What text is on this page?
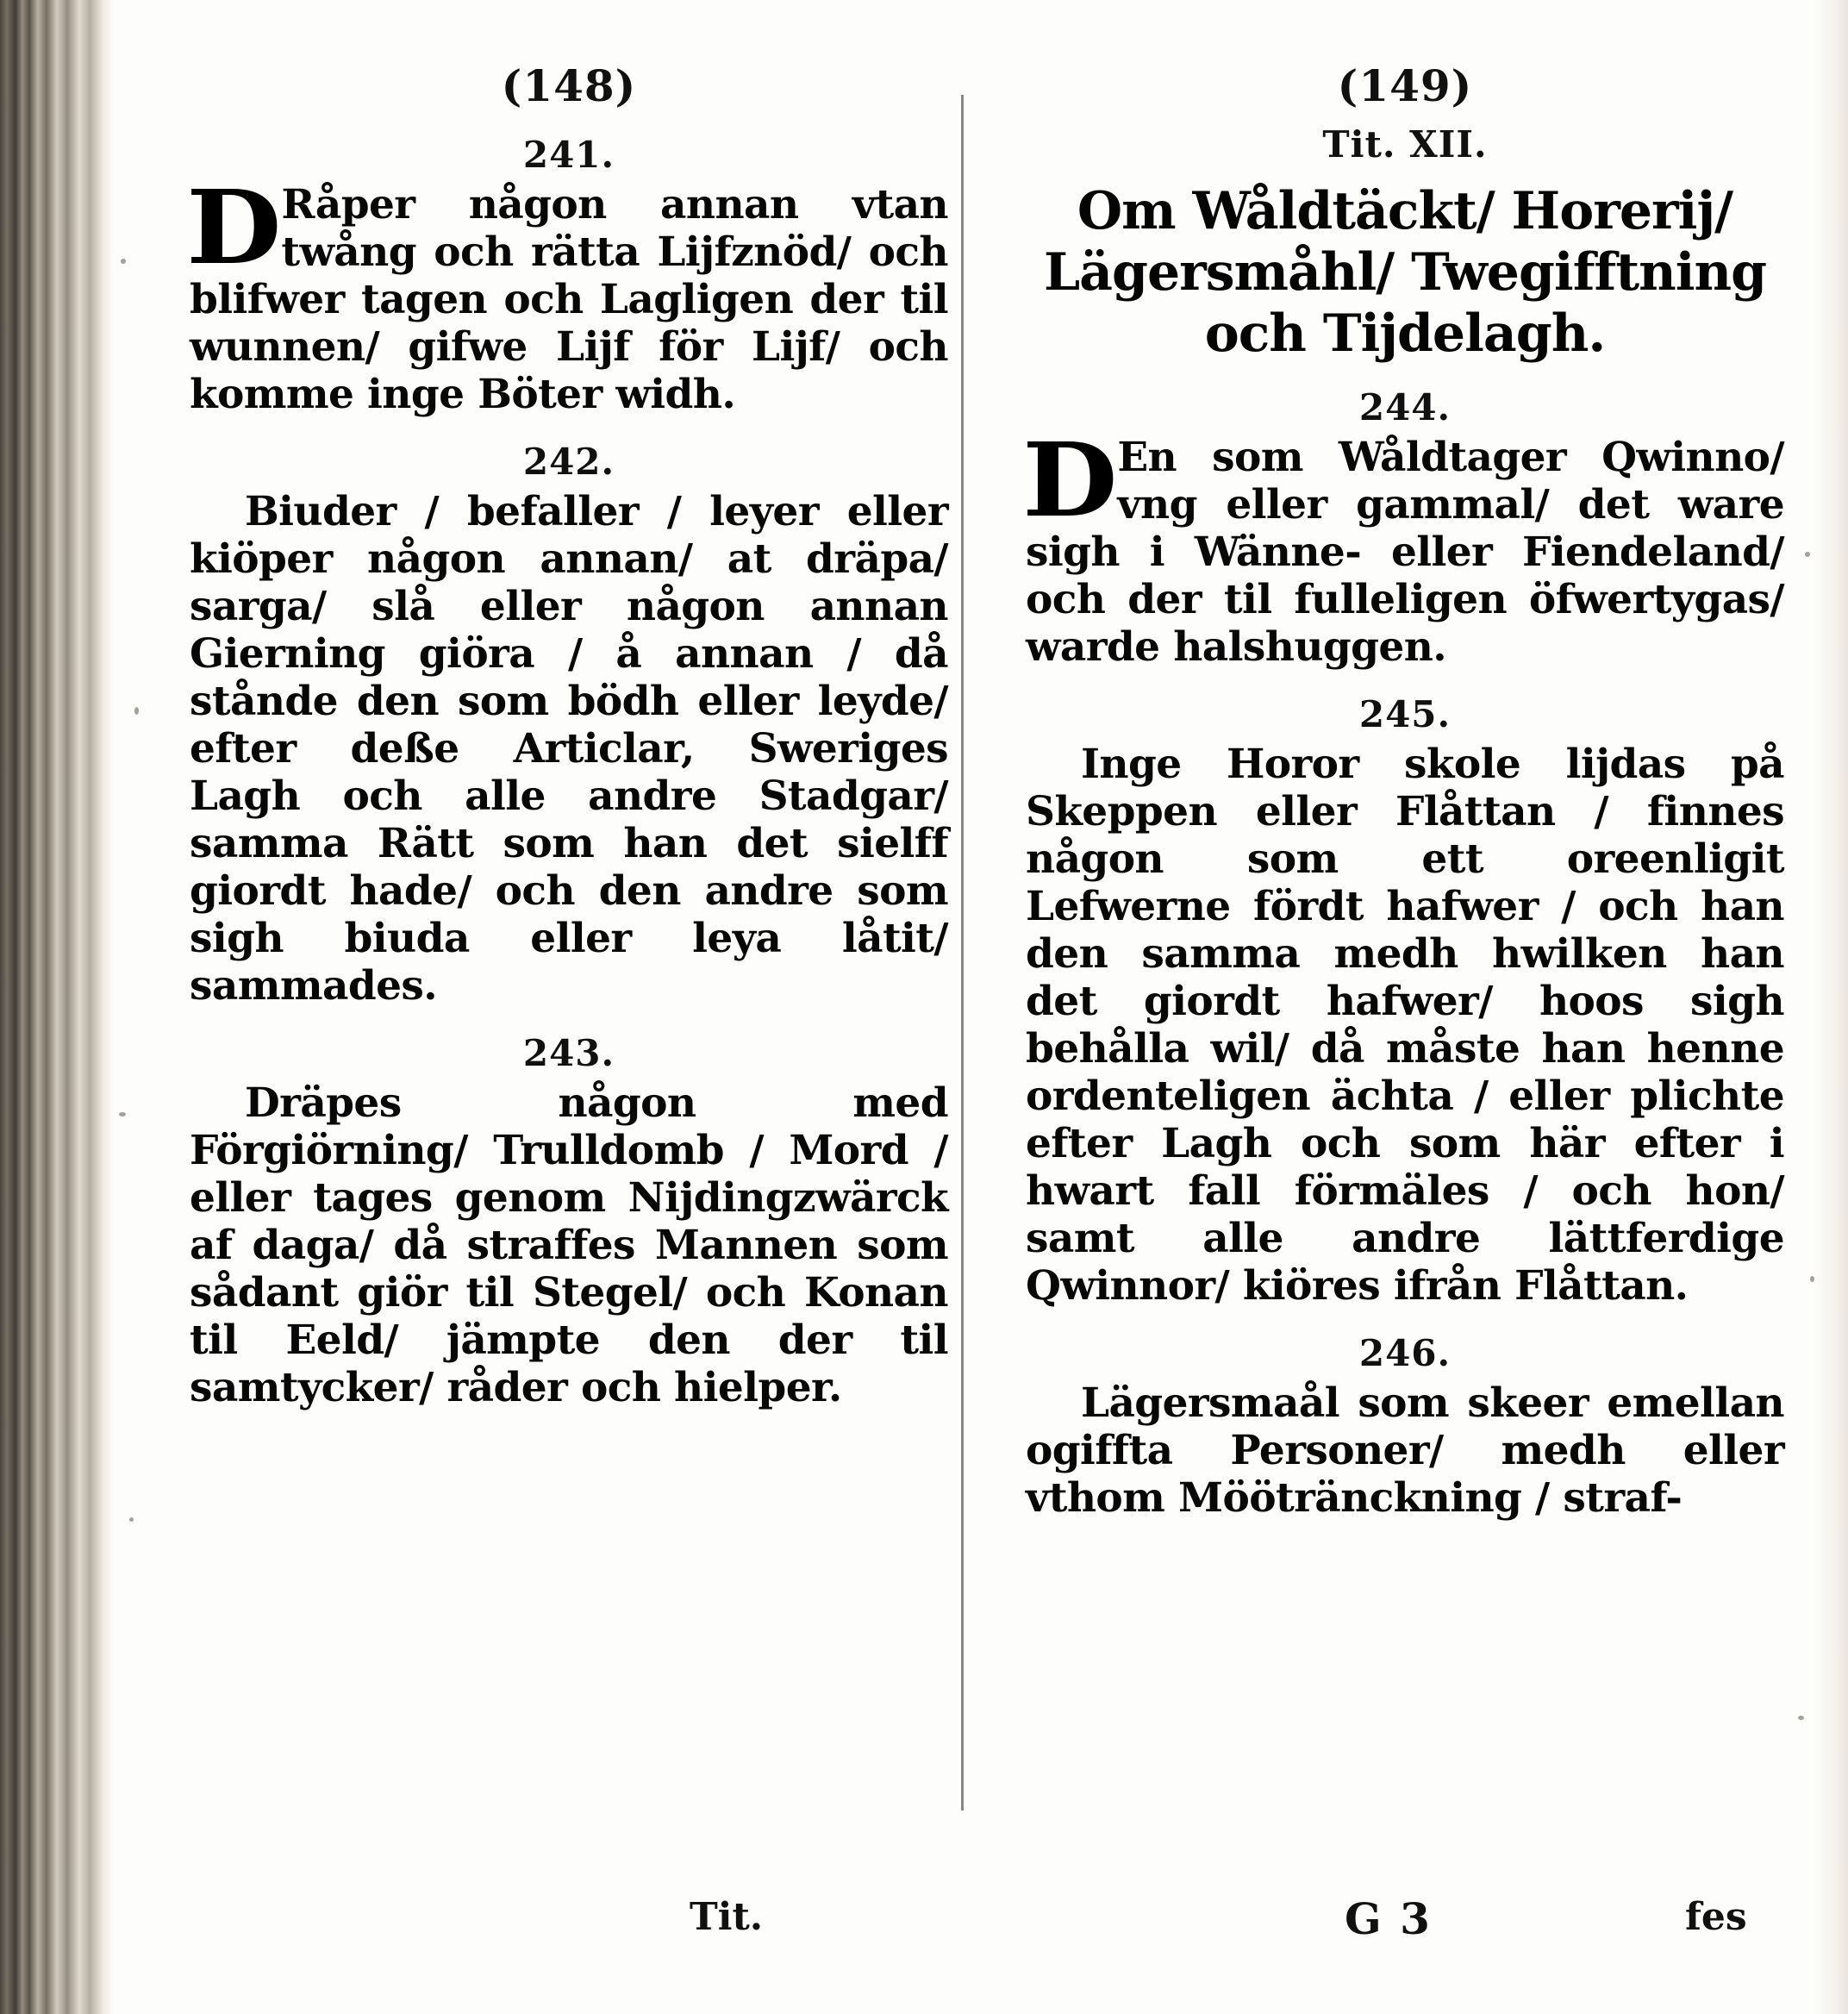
(148)
241.
D Råper någon annan vtan twång och rätta Lijfznöd/ och blifwer tagen och Lagligen der til wunnen/ gifwe Lijf för Lijf/ och komme inge Böter widh.
242.
Biuder / befaller / leyer eller kiöper någon annan/ at dräpa/ sarga/ slå eller någon annan Gierning giöra / å annan / då ståndе den som bödh eller leyde/ efter deße Articlar, Sweriges Lagh och alle andre Stadgar/ samma Rätt som han det sielff giordt hade/ och den andre som sigh biuda eller leya låtit/ sammades.
243.
Dräpes någon med Förgiörning/ Trulldomb / Mord / eller tages genom Nijdingzwärck af daga/ då straffes Mannen som sådant giör til Stegel/ och Konan til Eeld/ jämpte den der til samtycker/ råder och hielper.
(149)
Tit. XII.
Om Wåldtäckt/ Horerij/
Lägersmåhl/ Twegifftning
och Tijdelagh.
244.
D En som Wåldtager Qwinno/ vng eller gammal/ det ware sigh i Wänne- eller Fiendeland/ och der til fulleligen öfwertygas/ warde halshuggen.
245.
Inge Horor skole lijdas på Skeppen eller Flåttan / finnes någon som ett oreenligit Lefwerne fördt hafwer / och han den samma medh hwilken han det giordt hafwer/ hoos sigh behålla wil/ då måste han henne ordenteligen ächta / eller plichte efter Lagh och som här efter i hwart fall förmäles / och hon/ samt alle andre lättferdige Qwinnor/ kiöres ifrån Flåttan.
246.
Lägersmaål som skeer emellan ogiffta Personer/ medh eller vthom Möötränckning / straf-
Tit.	G 3	fes
